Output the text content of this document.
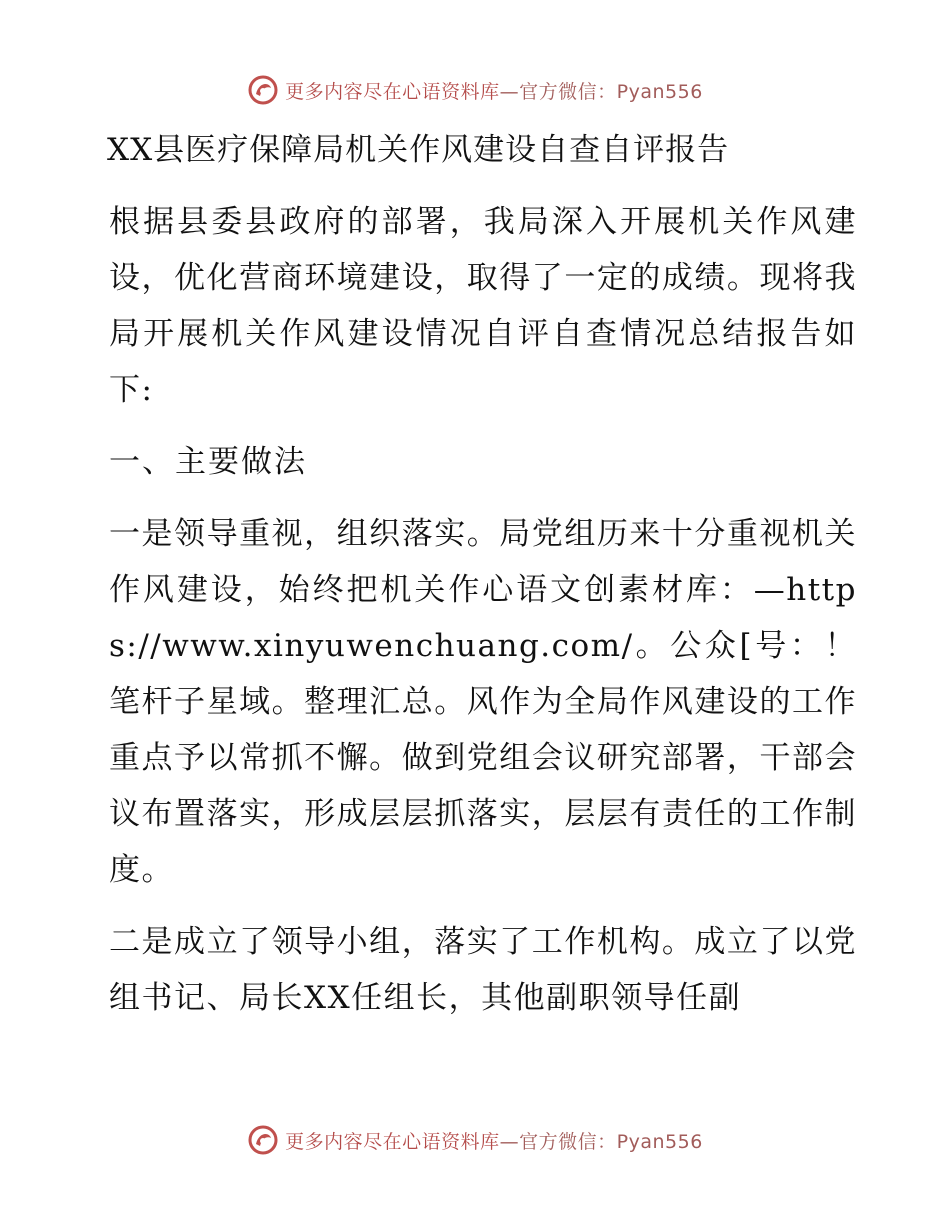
更多内容尽在心语资料库—官方微信：Pyan556
XX县医疗保障局机关作风建设自查自评报告

根据县委县政府的部署，我局深入开展机关作风建设，优化营商环境建设，取得了一定的成绩。现将我局开展机关作风建设情况自评自查情况总结报告如下:

一、主要做法

一是领导重视，组织落实。局党组历来十分重视机关作风建设，始终把机关作心语文创素材库：—https://www.xinyuwenchuang.com/。公众[号：！笔杆子星域。整理汇总。风作为全局作风建设的工作重点予以常抓不懈。做到党组会议研究部署，干部会议布置落实，形成层层抓落实，层层有责任的工作制度。

二是成立了领导小组，落实了工作机构。成立了以党组书记、局长XX任组长，其他副职领导任副

更多内容尽在心语资料库—官方微信：Pyan556
